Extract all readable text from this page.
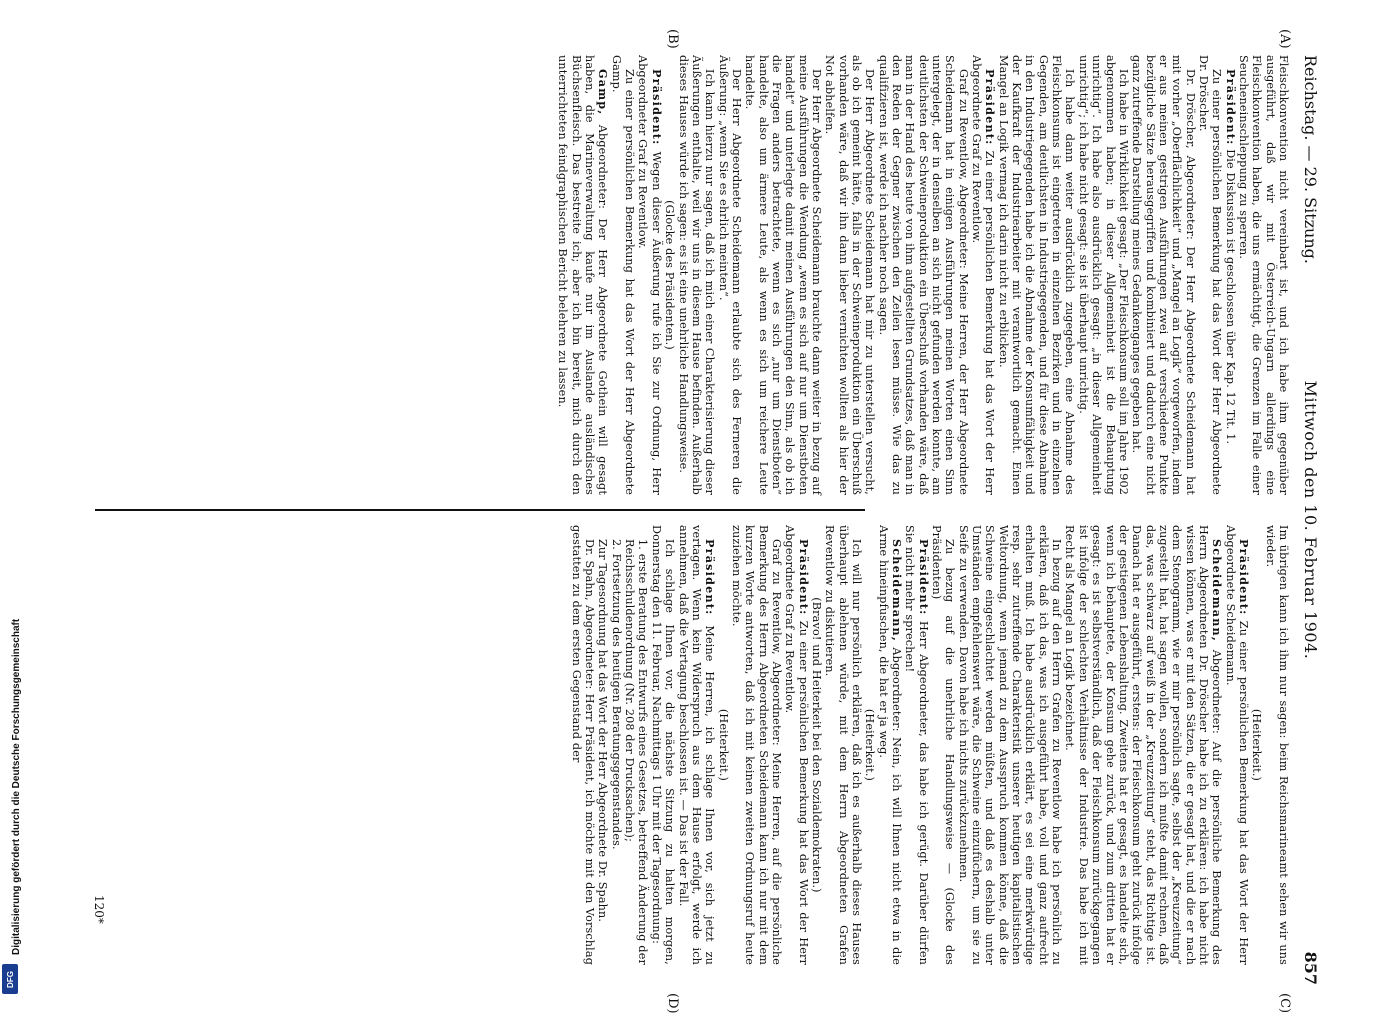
DFG
Digitalisierung gefördert durch die Deutsche Forschungsgemeinschaft
Reichstag. — 29. Sitzung.
Mittwoch den 10. Februar 1904.
857
(A)
(B)
(C)
(D)

Fleischkonvention nicht vereinbart ist, und ich habe ihm gegenüber ausgeführt, daß wir mit Österreich-Ungarn allerdings eine Fleischkonvention haben, die uns ermächtigt, die Grenzen im Falle einer Seucheneinschleppung zu sperren.

Präsident: Die Diskussion ist geschlossen über Kap. 12 Tit. 1.

Zu einer persönlichen Bemerkung hat das Wort der Herr Abgeordnete Dr. Dröscher.

Dr. Dröscher, Abgeordneter: Der Herr Abgeordnete Scheidemann hat mit vorher „Oberflächlichkeit“ und „Mangel an Logik“ vorgeworfen, indem er aus meinen gestrigen Ausführungen zwei auf verschiedene Punkte bezügliche Sätze herausgegriffen und kombiniert und dadurch eine nicht ganz zutreffende Darstellung meines Gedankenganges gegeben hat.

Ich habe in Wirklichkeit gesagt: „Der Fleischkonsum soll im Jahre 1902 abgenommen haben; in dieser Allgemeinheit ist die Behauptung unrichtig“. Ich habe also ausdrücklich gesagt: „in dieser Allgemeinheit unrichtig“; ich habe nicht gesagt: sie ist überhaupt unrichtig.

Ich habe dann weiter ausdrücklich zugegeben, eine Abnahme des Fleischkonsums ist eingetreten in einzelnen Bezirken und in einzelnen Gegenden, am deutlichsten in Industriegegenden, und für diese Abnahme in den Industriegegenden habe ich die Abnahme der Konsumfähigkeit und der Kaufkraft der Industriearbeiter mit verantwortlich gemacht. Einen Mangel an Logik vermag ich darin nicht zu erblicken.

Präsident: Zu einer persönlichen Bemerkung hat das Wort der Herr Abgeordnete Graf zu Reventlow.

Graf zu Reventlow, Abgeordneter: Meine Herren, der Herr Abgeordnete Scheidemann hat in einigen Ausführungen meinen Worten einen Sinn untergelegt, der in denselben an sich nicht gefunden werden konnte, am deutlichsten der Schweineproduktion ein Überschuß vorhanden wäre, daß man in der Hand des heute von ihm aufgestellten Grundsatzes, daß man in den Reden der Gegner zwischen den Zeilen lesen müsse. Wie das zu qualifizieren ist, werde ich nachher noch sagen.

Der Herr Abgeordnete Scheidemann hat mir zu unterstellen versucht, als ob ich gemeint hätte, falls in der Schweineproduktion ein Überschuß vorhanden wäre, daß wir ihn dann lieber vernichten wollten als hier der Not abhelfen.

Der Herr Abgeordnete Scheidemann brauchte dann weiter in bezug auf meine Ausführungen die Wendung „wenn es sich auf nur um Dienstboten handelt“ und unterlegte damit meinen Ausführungen den Sinn, als ob ich die Fragen anders betrachtete, wenn es sich „nur um Dienstboten“ handelte, also um ärmere Leute, als wenn es sich um reichere Leute handelte.

Der Herr Abgeordnete Scheidemann erlaubte sich des Ferneren die Äußerung: „wenn Sie es ehrlich meinten“.

Ich kann hierzu nur sagen, daß ich mich einer Charakterisierung dieser Äußerungen enthalte, weil wir uns in diesem Hause befinden. Außerhalb dieses Hauses würde ich sagen: es ist eine unehrliche Handlungsweise.

(Glocke des Präsidenten.)

Präsident: Wegen dieser Äußerung rufe ich Sie zur Ordnung, Herr Abgeordneter Graf zu Reventlow.

Zu einer persönlichen Bemerkung hat das Wort der Herr Abgeordnete Gamp.

Gamp, Abgeordneter: Der Herr Abgeordnete Gothein will gesagt haben, die Marineverwaltung kaufe nur im Auslande ausländisches Büchsenfleisch. Das bestreite ich; aber ich bin bereit, mich durch den unterrichteten feindgraphischen Bericht belehren zu lassen.

Im übrigen kann ich ihm nur sagen: beim Reichsmarineamt sehen wir uns wieder.

(Heiterkeit.)

Präsident: Zu einer persönlichen Bemerkung hat das Wort der Herr Abgeordnete Scheidemann.

Scheidemann, Abgeordneter: Auf die persönliche Bemerkung des Herrn Abgeordneten Dr. Dröscher habe ich zu erklären: ich habe nicht wissen können, was er mit den Sätzen, die er gesagt hat, und die er nach dem Stenogramm, wie er mir persönlich sagte, selbst der „Kreuzzeitung“ zugestellt hat, hat sagen wollen, sondern ich mußte damit rechnen, daß das, was schwarz auf weiß in der „Kreuzzeitung“ steht, das Richtige ist. Danach hat er ausgeführt, erstens: der Fleischkonsum geht zurück infolge der gestiegenen Lebenshaltung. Zweitens hat er gesagt, es handelte sich, wenn ich behauptete, der Konsum gehe zurück, und zum dritten hat er gesagt: es ist selbstverständlich, daß der Fleischkonsum zurückgegangen ist infolge der schlechten Verhältnisse der Industrie. Das habe ich mit Recht als Mangel an Logik bezeichnet.

In bezug auf den Herrn Grafen zu Reventlow habe ich persönlich zu erklären, daß ich das, was ich ausgeführt habe, voll und ganz aufrecht erhalten muß. Ich habe ausdrücklich erklärt, es sei eine merkwürdige resp. sehr zutreffende Charakteristik unserer heutigen kapitalistischen Weltordnung, wenn jemand zu dem Ausspruch kommen könne, daß die Schweine eingeschlachtet werden müßten, und daß es deshalb unter Umständen empfehlenswert wäre, die Schweine einzufüchern, um sie zu Seife zu verwenden. Davon habe ich nichts zurückzunehmen.

Zu bezug auf die unehrliche Handlungsweise — (Glocke des Präsidenten)

Präsident: Herr Abgeordneter, das habe ich gerügt. Darüber dürfen Sie nicht mehr sprechen!

Scheidemann, Abgeordneter: Nein, ich will Ihnen nicht etwa in die Arme hineinpfuschen, die hat er ja weg.

(Heiterkeit.)

Ich will nur persönlich erklären, daß ich es außerhalb dieses Hauses überhaupt ablehnen würde, mit dem Herrn Abgeordneten Grafen Reventlow zu diskutieren.

(Bravo! und Heiterkeit bei den Sozialdemokraten.)

Präsident: Zu einer persönlichen Bemerkung hat das Wort der Herr Abgeordnete Graf zu Reventlow.

Graf zu Reventlow, Abgeordneter: Meine Herren, auf die persönliche Bemerkung des Herrn Abgeordneten Scheidemann kann ich nur mit dem kurzen Worte antworten, daß ich mit keinen zweiten Ordnungsruf heute zuziehen möchte.

(Heiterkeit.)

Präsident: Meine Herren, ich schlage Ihnen vor, sich jetzt zu vertagen. Wenn kein Widerspruch aus dem Hause erfolgt, werde ich annehmen, daß die Vertagung beschlossen ist. — Das ist der Fall.

Ich schlage Ihnen vor, die nächste Sitzung zu halten morgen, Donnerstag den 11. Februar, Nachmittags 1 Uhr mit der Tagesordnung:

1. erste Beratung des Entwurfs eines Gesetzes, betreffend Änderung der Reichsschuldenordnung (Nr. 208 der Drucksachen);

2. Fortsetzung des heutigen Beratungsgegenstandes.

Zur Tagesordnung hat das Wort der Herr Abgeordnete Dr. Spahn.

Dr. Spahn, Abgeordneter: Herr Präsident, ich möchte mit den Vorschlag gestatten zu dem ersten Gegenstand der

120*
